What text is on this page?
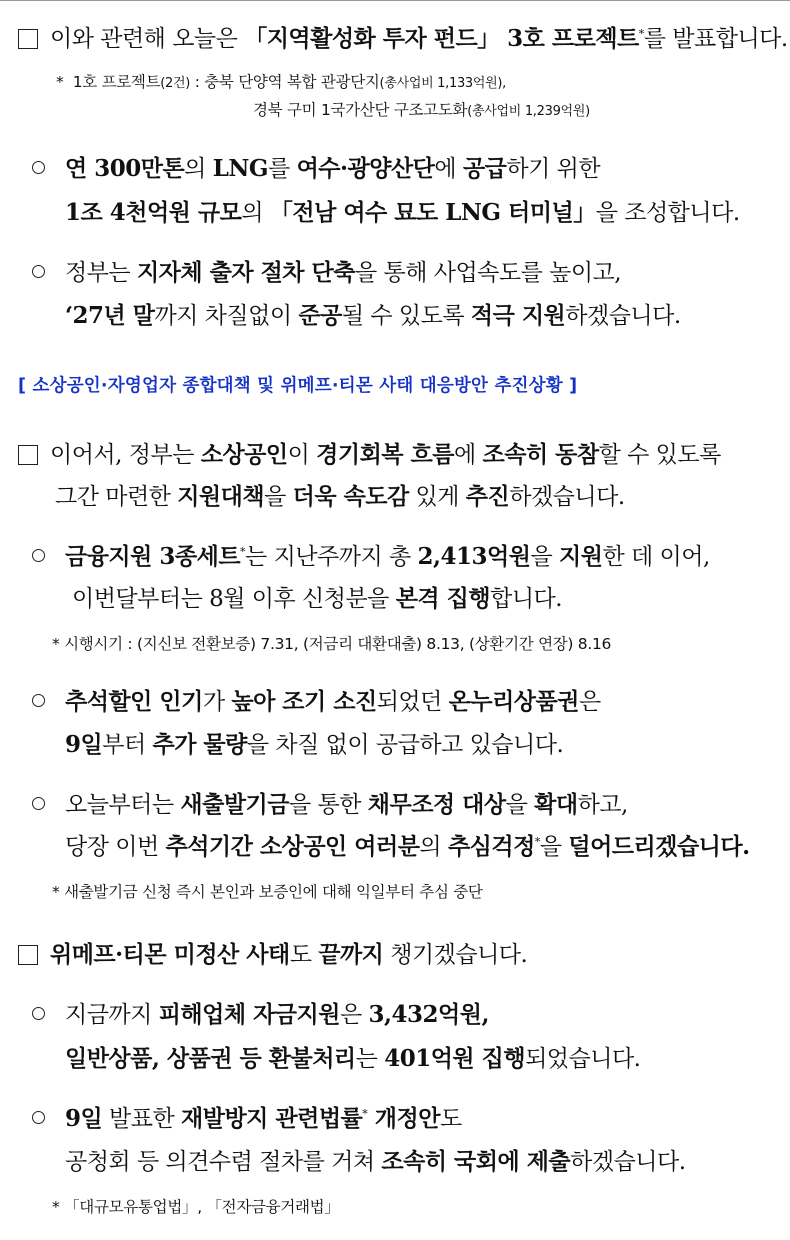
이와 관련해 오늘은 「지역활성화 투자 펀드」 3호 프로젝트*를 발표합니다.
* 1호 프로젝트(2건) : 충북 단양역 복합 관광단지(총사업비 1,133억원),
경북 구미 1국가산단 구조고도화(총사업비 1,239억원)
연 300만톤의 LNG를 여수·광양산단에 공급하기 위한
1조 4천억원 규모의 「전남 여수 묘도 LNG 터미널」을 조성합니다.
정부는 지자체 출자 절차 단축을 통해 사업속도를 높이고,
‘27년 말까지 차질없이 준공될 수 있도록 적극 지원하겠습니다.
[ 소상공인·자영업자 종합대책 및 위메프·티몬 사태 대응방안 추진상황 ]
이어서, 정부는 소상공인이 경기회복 흐름에 조속히 동참할 수 있도록
그간 마련한 지원대책을 더욱 속도감 있게 추진하겠습니다.
금융지원 3종세트*는 지난주까지 총 2,413억원을 지원한 데 이어,
이번달부터는 8월 이후 신청분을 본격 집행합니다.
* 시행시기 : (지신보 전환보증) 7.31, (저금리 대환대출) 8.13, (상환기간 연장) 8.16
추석할인 인기가 높아 조기 소진되었던 온누리상품권은
9일부터 추가 물량을 차질 없이 공급하고 있습니다.
오늘부터는 새출발기금을 통한 채무조정 대상을 확대하고,
당장 이번 추석기간 소상공인 여러분의 추심걱정*을 덜어드리겠습니다.
* 새출발기금 신청 즉시 본인과 보증인에 대해 익일부터 추심 중단
위메프·티몬 미정산 사태도 끝까지 챙기겠습니다.
지금까지 피해업체 자금지원은 3,432억원,
일반상품, 상품권 등 환불처리는 401억원 집행되었습니다.
9일 발표한 재발방지 관련법률* 개정안도
공청회 등 의견수렴 절차를 거쳐 조속히 국회에 제출하겠습니다.
* 「대규모유통업법」, 「전자금융거래법」
